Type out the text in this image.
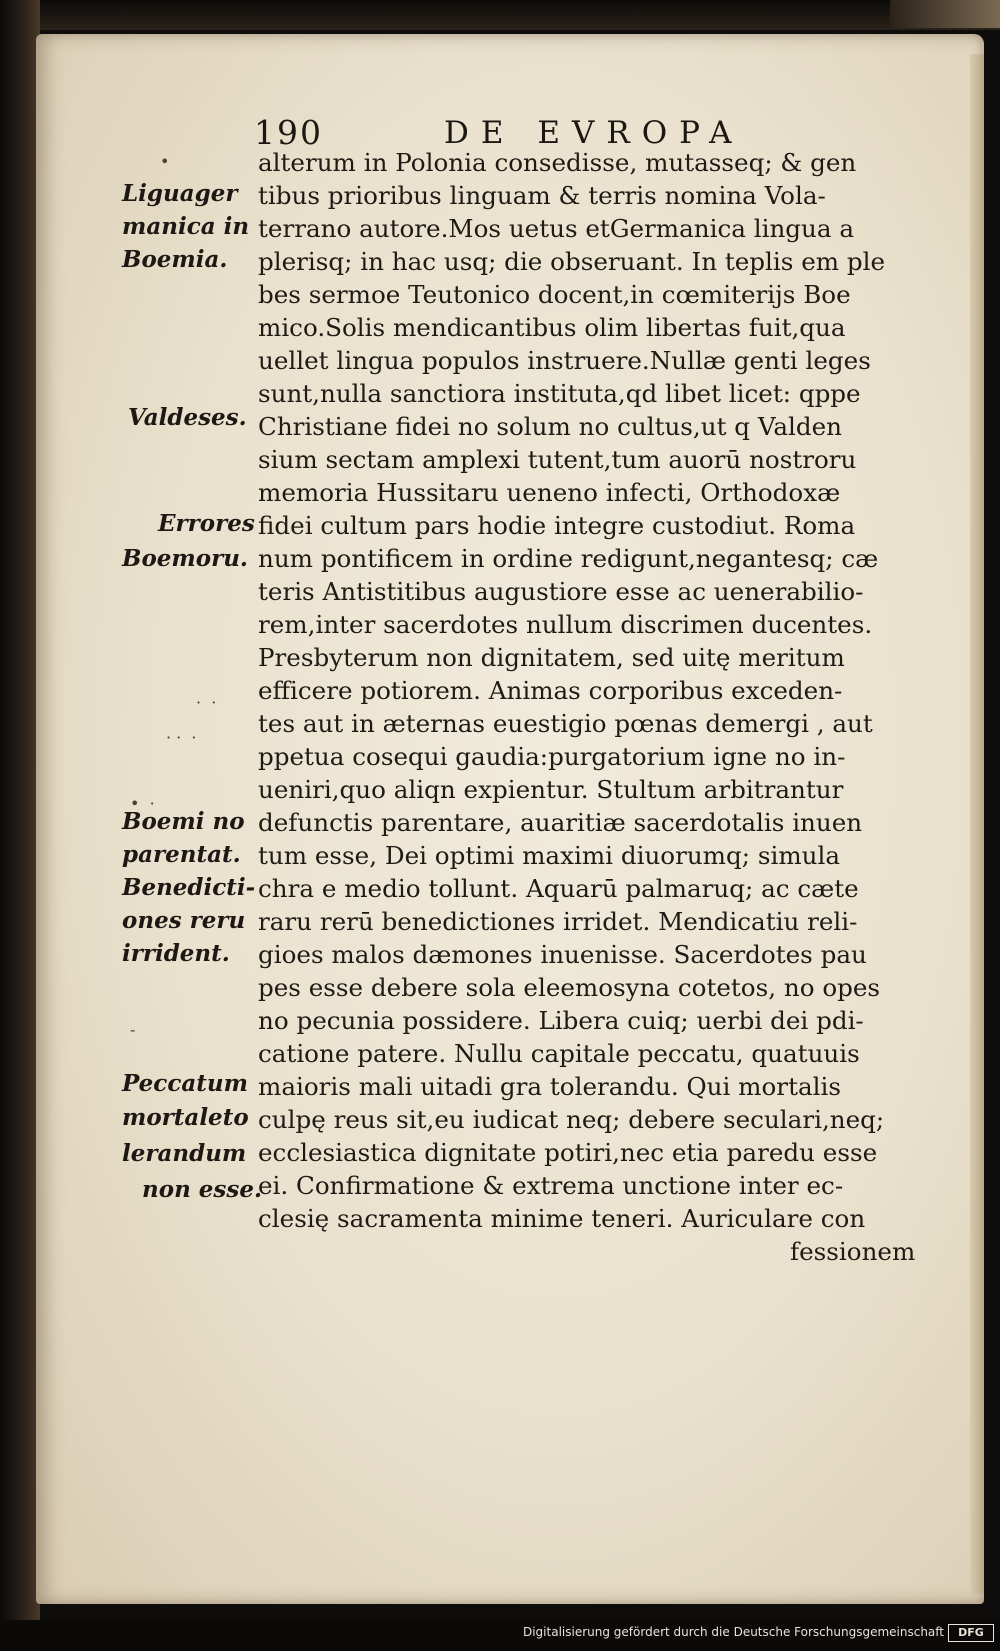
190	DE EVROPA
alterum in Polonia consedisse, mutasseq; & gen
tibus prioribus linguam & terris nomina Vola-
terrano autore.Mos uetus etGermanica lingua a
plerisq; in hac usq; die obseruant. In teplis em ple
bes sermoe Teutonico docent,in cœmiterijs Boe
mico.Solis mendicantibus olim libertas fuit,qua
uellet lingua populos instruere.Nullæ genti leges
sunt,nulla sanctiora instituta,qd libet licet: qppe
Christiane fidei no solum no cultus,ut q Valden
sium sectam amplexi tutent,tum auorū nostroru
memoria Hussitaru ueneno infecti, Orthodoxæ
fidei cultum pars hodie integre custodiut. Roma
num pontificem in ordine redigunt,negantesq; cæ
teris Antistitibus augustiore esse ac uenerabilio-
rem,inter sacerdotes nullum discrimen ducentes.
Presbyterum non dignitatem, sed uitę meritum
efficere potiorem. Animas corporibus exceden-
tes aut in æternas euestigio pœnas demergi , aut
ppetua cosequi gaudia:purgatorium igne no in-
ueniri,quo aliqn expientur. Stultum arbitrantur
defunctis parentare, auaritiæ sacerdotalis inuen
tum esse, Dei optimi maximi diuorumq; simula
chra e medio tollunt. Aquarū palmaruq; ac cæte
raru rerū benedictiones irridet. Mendicatiu reli-
gioes malos dæmones inuenisse. Sacerdotes pau
pes esse debere sola eleemosyna cotetos, no opes
no pecunia possidere. Libera cuiq; uerbi dei pdi-
catione patere. Nullu capitale peccatu, quatuuis
maioris mali uitadi gra tolerandu. Qui mortalis
culpę reus sit,eu iudicat neq; debere seculari,neq;
ecclesiastica dignitate potiri,nec etia paredu esse
ei. Confirmatione & extrema unctione inter ec-
clesię sacramenta minime teneri. Auriculare con
fessionem
Liguager
manica in
Boemia.
Valdeses.
Errores
Boemoru.
Boemi no
parentat.
Benedicti-
ones reru
irrident.
Peccatum
mortaleto
lerandum
non esse.
•
·  ·
· ·  ·
•  ·
-
Digitalisierung gefördert durch die Deutsche Forschungsgemeinschaft	DFG
